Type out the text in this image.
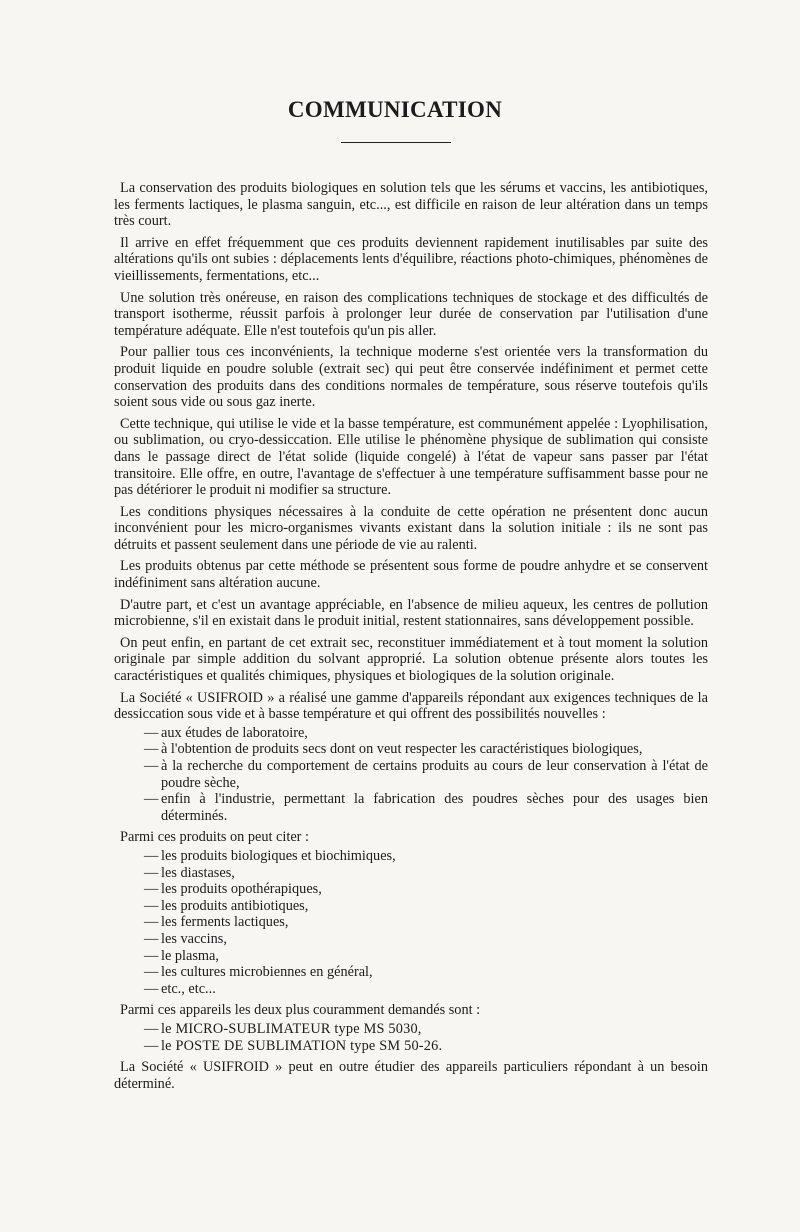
COMMUNICATION

La conservation des produits biologiques en solution tels que les sérums et vaccins, les antibiotiques, les ferments lactiques, le plasma sanguin, etc..., est difficile en raison de leur altération dans un temps très court.

Il arrive en effet fréquemment que ces produits deviennent rapidement inutilisables par suite des altérations qu'ils ont subies : déplacements lents d'équilibre, réactions photo-chimiques, phénomènes de vieillissements, fermentations, etc...

Une solution très onéreuse, en raison des complications techniques de stockage et des difficultés de transport isotherme, réussit parfois à prolonger leur durée de conservation par l'utilisation d'une température adéquate. Elle n'est toutefois qu'un pis aller.

Pour pallier tous ces inconvénients, la technique moderne s'est orientée vers la transformation du produit liquide en poudre soluble (extrait sec) qui peut être conservée indéfiniment et permet cette conservation des produits dans des conditions normales de température, sous réserve toutefois qu'ils soient sous vide ou sous gaz inerte.

Cette technique, qui utilise le vide et la basse température, est communément appelée : Lyophilisation, ou sublimation, ou cryo-dessiccation. Elle utilise le phénomène physique de sublimation qui consiste dans le passage direct de l'état solide (liquide congelé) à l'état de vapeur sans passer par l'état transitoire. Elle offre, en outre, l'avantage de s'effectuer à une température suffisamment basse pour ne pas détériorer le produit ni modifier sa structure.

Les conditions physiques nécessaires à la conduite de cette opération ne présentent donc aucun inconvénient pour les micro-organismes vivants existant dans la solution initiale : ils ne sont pas détruits et passent seulement dans une période de vie au ralenti.

Les produits obtenus par cette méthode se présentent sous forme de poudre anhydre et se conservent indéfiniment sans altération aucune.

D'autre part, et c'est un avantage appréciable, en l'absence de milieu aqueux, les centres de pollution microbienne, s'il en existait dans le produit initial, restent stationnaires, sans développement possible.

On peut enfin, en partant de cet extrait sec, reconstituer immédiatement et à tout moment la solution originale par simple addition du solvant approprié. La solution obtenue présente alors toutes les caractéristiques et qualités chimiques, physiques et biologiques de la solution originale.

La Société « USIFROID » a réalisé une gamme d'appareils répondant aux exigences techniques de la dessiccation sous vide et à basse température et qui offrent des possibilités nouvelles :

— aux études de laboratoire,
— à l'obtention de produits secs dont on veut respecter les caractéristiques biologiques,
— à la recherche du comportement de certains produits au cours de leur conservation à l'état de poudre sèche,
— enfin à l'industrie, permettant la fabrication des poudres sèches pour des usages bien déterminés.

Parmi ces produits on peut citer :

— les produits biologiques et biochimiques,
— les diastases,
— les produits opothérapiques,
— les produits antibiotiques,
— les ferments lactiques,
— les vaccins,
— le plasma,
— les cultures microbiennes en général,
— etc., etc...

Parmi ces appareils les deux plus couramment demandés sont :

— le MICRO-SUBLIMATEUR type MS 5030,
— le POSTE DE SUBLIMATION type SM 50-26.

La Société « USIFROID » peut en outre étudier des appareils particuliers répondant à un besoin déterminé.
